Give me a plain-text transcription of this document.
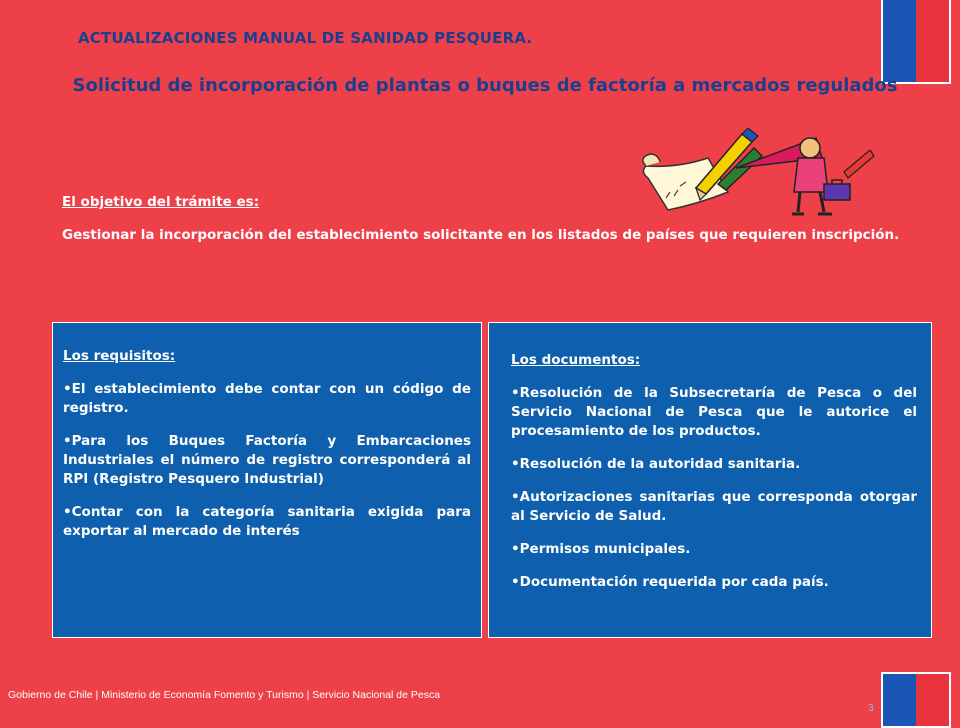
ACTUALIZACIONES MANUAL DE SANIDAD PESQUERA.
Solicitud de incorporación de plantas o buques de factoría a mercados regulados
El objetivo del trámite es:
Gestionar la incorporación del establecimiento solicitante en los listados de países que requieren inscripción.
Los requisitos:
• El establecimiento debe contar con un código de registro.
• Para los Buques Factoría y Embarcaciones Industriales el número de registro corresponderá al RPI (Registro Pesquero Industrial)
• Contar con la categoría sanitaria exigida para exportar al mercado de interés
Los documentos:
• Resolución de la Subsecretaría de Pesca o del Servicio Nacional de Pesca que le autorice el procesamiento de los productos.
• Resolución de la autoridad sanitaria.
• Autorizaciones sanitarias que corresponda otorgar al Servicio de Salud.
• Permisos municipales.
• Documentación requerida por cada país.
Gobierno de Chile | Ministerio de Economía Fomento y Turismo | Servicio Nacional de Pesca
3
